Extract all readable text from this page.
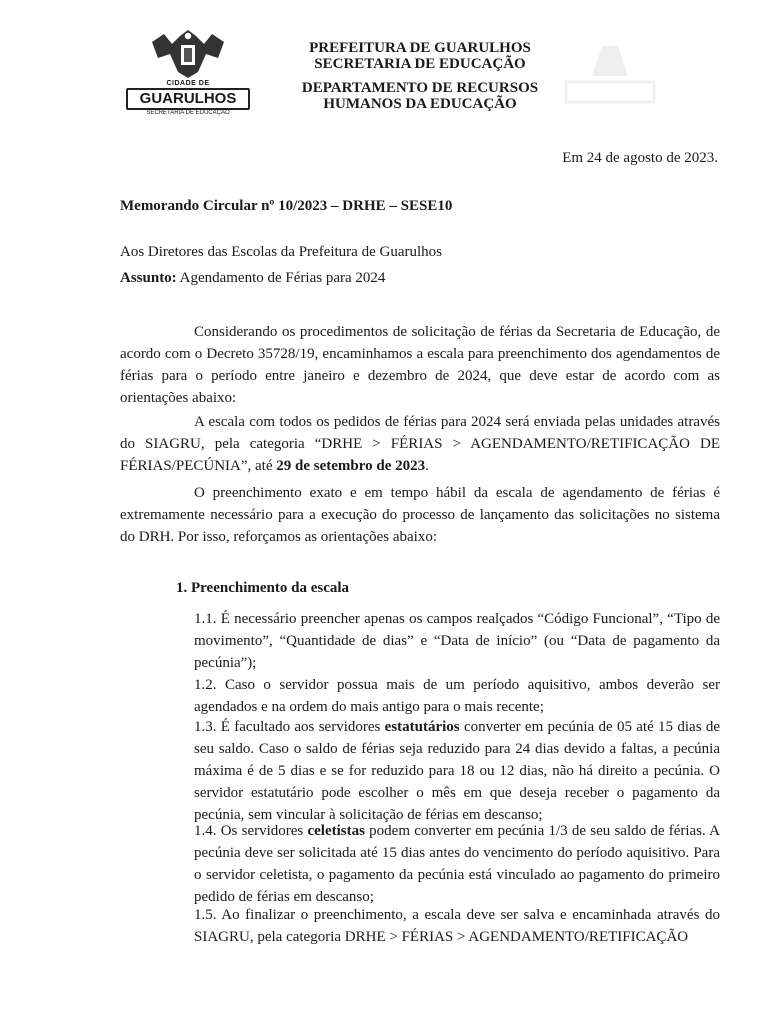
CIDADE DE
GUARULHOS
SECRETARIA DE EDUCAÇÃO
PREFEITURA DE GUARULHOS
SECRETARIA DE EDUCAÇÃO
DEPARTAMENTO DE RECURSOS
HUMANOS DA EDUCAÇÃO
Em 24 de agosto de 2023.
Memorando Circular nº 10/2023 – DRHE – SESE10
Aos Diretores das Escolas da Prefeitura de Guarulhos
Assunto: Agendamento de Férias para 2024

Considerando os procedimentos de solicitação de férias da Secretaria de Educação, de acordo com o Decreto 35728/19, encaminhamos a escala para preenchimento dos agendamentos de férias para o período entre janeiro e dezembro de 2024, que deve estar de acordo com as orientações abaixo:

A escala com todos os pedidos de férias para 2024 será enviada pelas unidades através do SIAGRU, pela categoria “DRHE > FÉRIAS > AGENDAMENTO/RETIFICAÇÃO DE FÉRIAS/PECÚNIA”, até 29 de setembro de 2023.

O preenchimento exato e em tempo hábil da escala de agendamento de férias é extremamente necessário para a execução do processo de lançamento das solicitações no sistema do DRH. Por isso, reforçamos as orientações abaixo:

1. Preenchimento da escala

1.1. É necessário preencher apenas os campos realçados “Código Funcional”, “Tipo de movimento”, “Quantidade de dias” e “Data de início” (ou “Data de pagamento da pecúnia”);

1.2. Caso o servidor possua mais de um período aquisitivo, ambos deverão ser agendados e na ordem do mais antigo para o mais recente;

1.3. É facultado aos servidores estatutários converter em pecúnia de 05 até 15 dias de seu saldo. Caso o saldo de férias seja reduzido para 24 dias devido a faltas, a pecúnia máxima é de 5 dias e se for reduzido para 18 ou 12 dias, não há direito a pecúnia. O servidor estatutário pode escolher o mês em que deseja receber o pagamento da pecúnia, sem vincular à solicitação de férias em descanso;

1.4. Os servidores celetistas podem converter em pecúnia 1/3 de seu saldo de férias. A pecúnia deve ser solicitada até 15 dias antes do vencimento do período aquisitivo. Para o servidor celetista, o pagamento da pecúnia está vinculado ao pagamento do primeiro pedido de férias em descanso;

1.5. Ao finalizar o preenchimento, a escala deve ser salva e encaminhada através do SIAGRU, pela categoria DRHE > FÉRIAS > AGENDAMENTO/RETIFICAÇÃO
